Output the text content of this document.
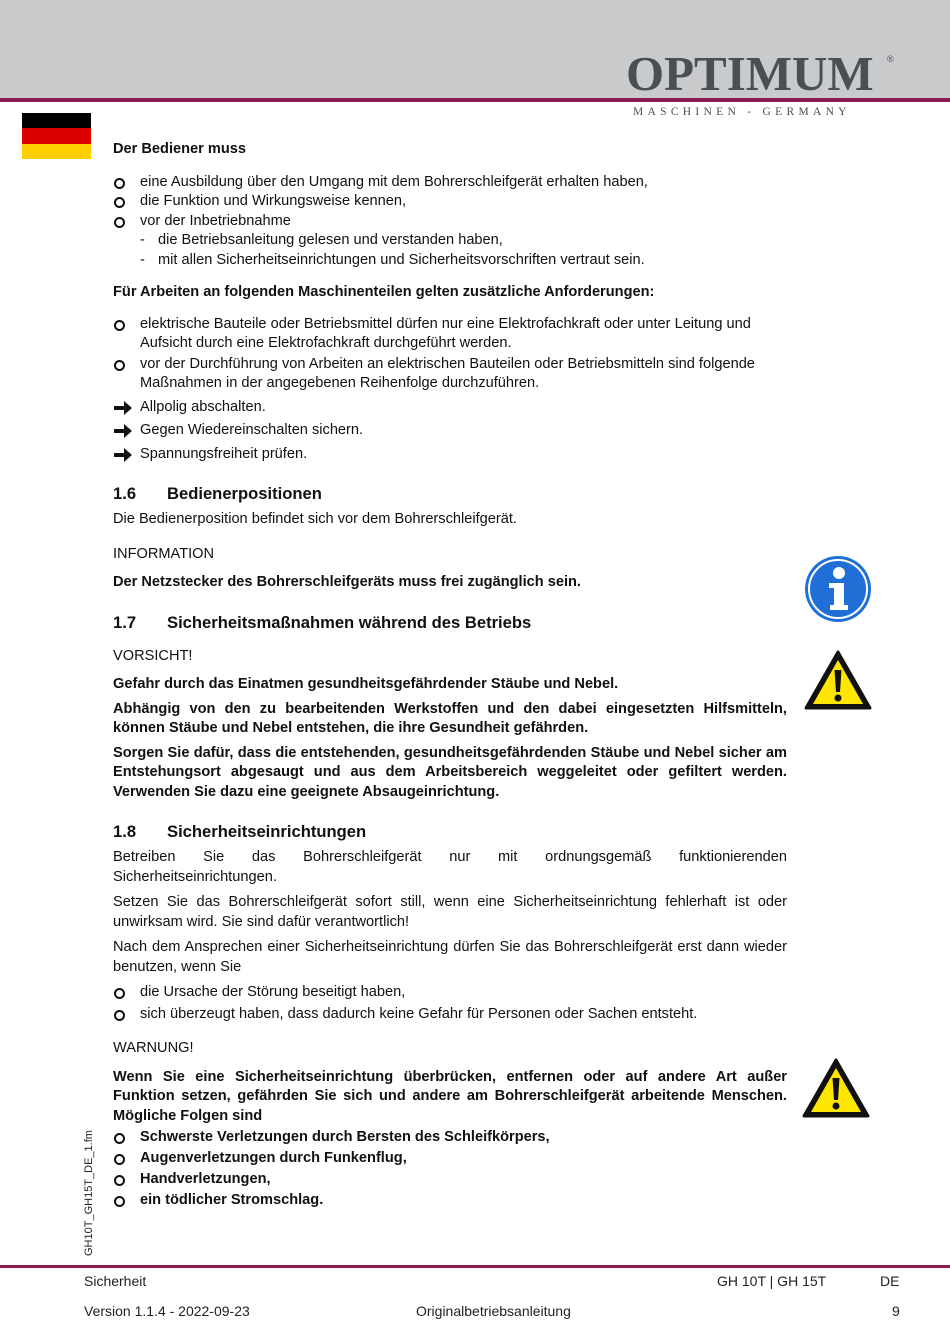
OPTIMUM	®
MASCHINEN - GERMANY

Der Bediener muss

eine Ausbildung über den Umgang mit dem Bohrerschleifgerät erhalten haben,
die Funktion und Wirkungsweise kennen,
vor der Inbetriebnahme
- die Betriebsanleitung gelesen und verstanden haben,
- mit allen Sicherheitseinrichtungen und Sicherheitsvorschriften vertraut sein.

Für Arbeiten an folgenden Maschinenteilen gelten zusätzliche Anforderungen:

elektrische Bauteile oder Betriebsmittel dürfen nur eine Elektrofachkraft oder unter Leitung und Aufsicht durch eine Elektrofachkraft durchgeführt werden.
vor der Durchführung von Arbeiten an elektrischen Bauteilen oder Betriebsmitteln sind folgende Maßnahmen in der angegebenen Reihenfolge durchzuführen.
Allpolig abschalten.
Gegen Wiedereinschalten sichern.
Spannungsfreiheit prüfen.
1.6 Bedienerpositionen

Die Bedienerposition befindet sich vor dem Bohrerschleifgerät.

INFORMATION

Der Netzstecker des Bohrerschleifgeräts muss frei zugänglich sein.

1.7 Sicherheitsmaßnahmen während des Betriebs

VORSICHT!

Gefahr durch das Einatmen gesundheitsgefährdender Stäube und Nebel.

Abhängig von den zu bearbeitenden Werkstoffen und den dabei eingesetzten Hilfsmitteln, können Stäube und Nebel entstehen, die ihre Gesundheit gefährden.

Sorgen Sie dafür, dass die entstehenden, gesundheitsgefährdenden Stäube und Nebel sicher am Entstehungsort abgesaugt und aus dem Arbeitsbereich weggeleitet oder gefiltert werden. Verwenden Sie dazu eine geeignete Absaugeinrichtung.

1.8 Sicherheitseinrichtungen

Betreiben Sie das Bohrerschleifgerät nur mit ordnungsgemäß funktionierenden Sicherheitseinrichtungen.

Setzen Sie das Bohrerschleifgerät sofort still, wenn eine Sicherheitseinrichtung fehlerhaft ist oder unwirksam wird. Sie sind dafür verantwortlich!

Nach dem Ansprechen einer Sicherheitseinrichtung dürfen Sie das Bohrerschleifgerät erst dann wieder benutzen, wenn Sie

die Ursache der Störung beseitigt haben,
sich überzeugt haben, dass dadurch keine Gefahr für Personen oder Sachen entsteht.

WARNUNG!

Wenn Sie eine Sicherheitseinrichtung überbrücken, entfernen oder auf andere Art außer Funktion setzen, gefährden Sie sich und andere am Bohrerschleifgerät arbeitende Menschen. Mögliche Folgen sind

Schwerste Verletzungen durch Bersten des Schleifkörpers,
Augenverletzungen durch Funkenflug,
Handverletzungen,
ein tödlicher Stromschlag.
GH10T_GH15T_DE_1.fm
Sicherheit	GH 10T | GH 15T	DE
Version 1.1.4 - 2022-09-23	Originalbetriebsanleitung	9
